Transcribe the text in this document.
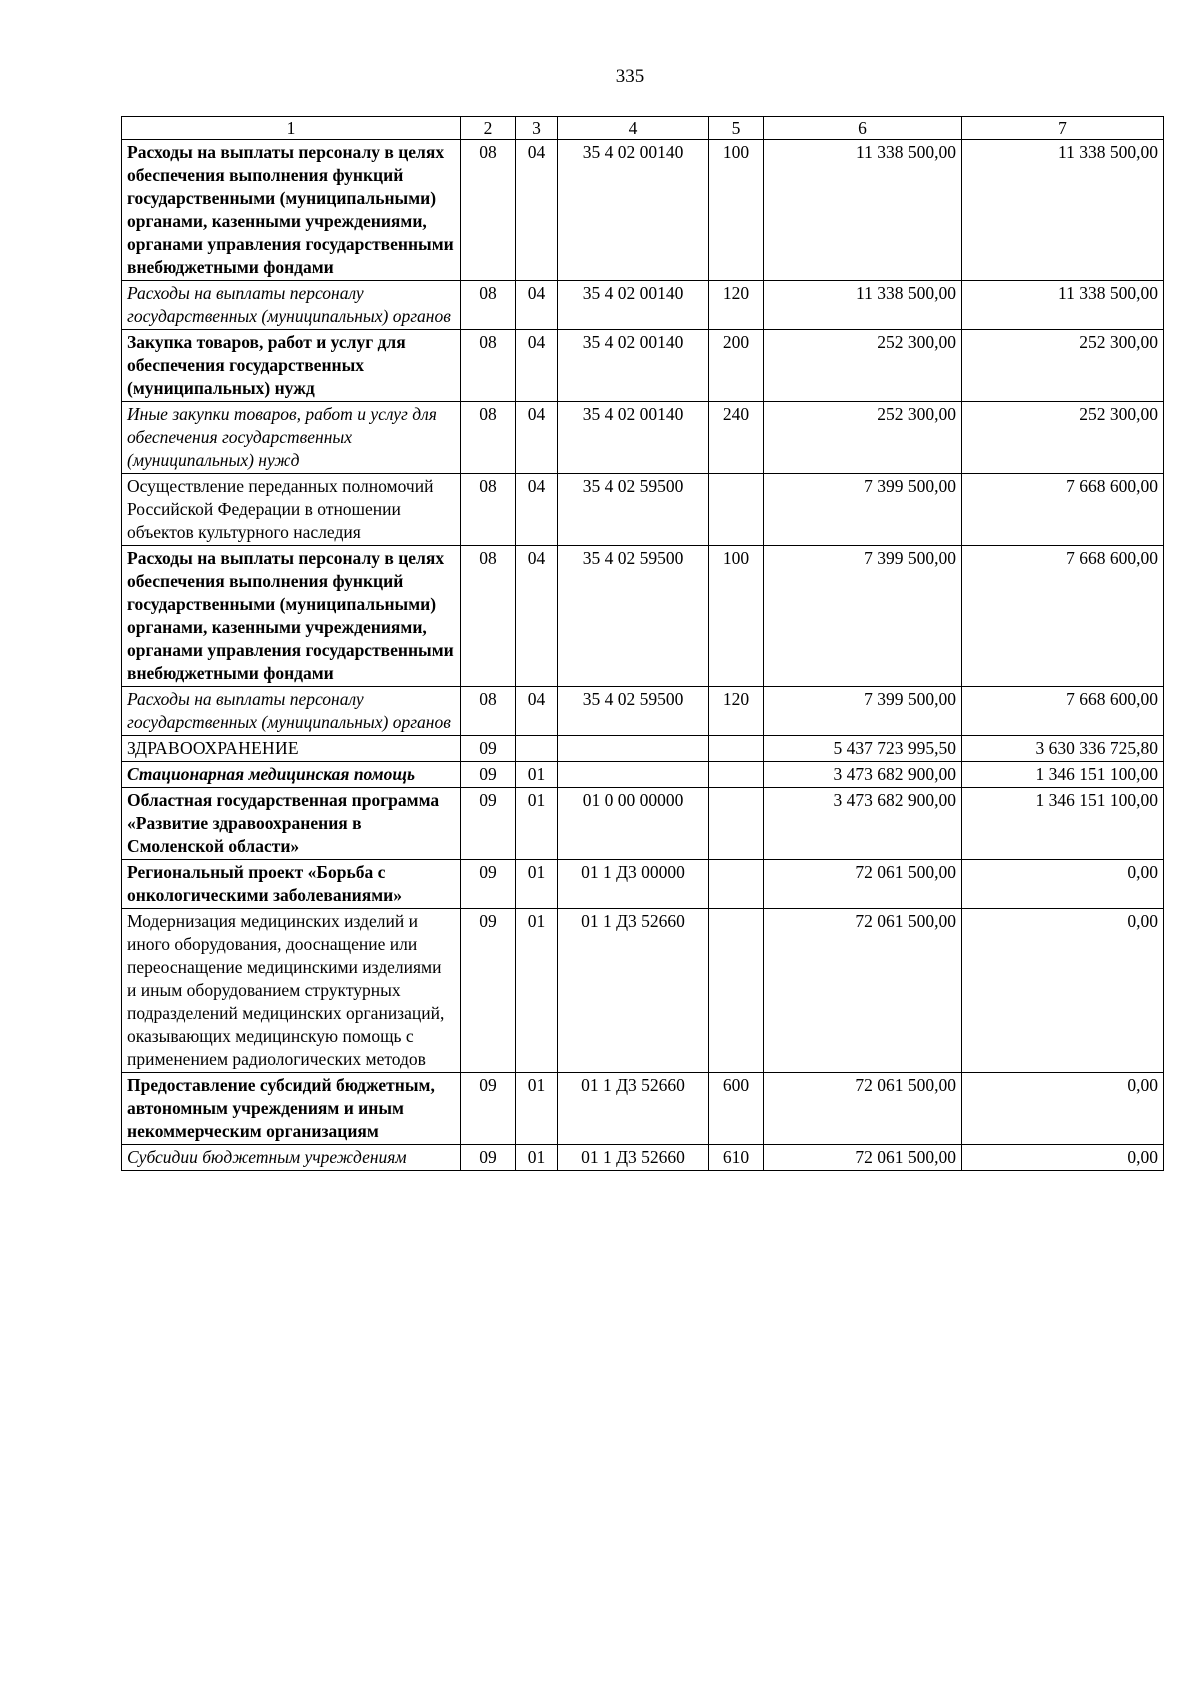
335
1	2	3	4	5	6	7
Расходы на выплаты персоналу в целях обеспечения выполнения функций государственными (муниципальными) органами, казенными учреждениями, органами управления государственными внебюджетными фондами	08	04	35 4 02 00140	100	11 338 500,00	11 338 500,00
Расходы на выплаты персоналу государственных (муниципальных) органов	08	04	35 4 02 00140	120	11 338 500,00	11 338 500,00
Закупка товаров, работ и услуг для обеспечения государственных (муниципальных) нужд	08	04	35 4 02 00140	200	252 300,00	252 300,00
Иные закупки товаров, работ и услуг для обеспечения государственных (муниципальных) нужд	08	04	35 4 02 00140	240	252 300,00	252 300,00
Осуществление переданных полномочий Российской Федерации в отношении объектов культурного наследия	08	04	35 4 02 59500		7 399 500,00	7 668 600,00
Расходы на выплаты персоналу в целях обеспечения выполнения функций государственными (муниципальными) органами, казенными учреждениями, органами управления государственными внебюджетными фондами	08	04	35 4 02 59500	100	7 399 500,00	7 668 600,00
Расходы на выплаты персоналу государственных (муниципальных) органов	08	04	35 4 02 59500	120	7 399 500,00	7 668 600,00
ЗДРАВООХРАНЕНИЕ	09				5 437 723 995,50	3 630 336 725,80
Стационарная медицинская помощь	09	01			3 473 682 900,00	1 346 151 100,00
Областная государственная программа «Развитие здравоохранения в Смоленской области»	09	01	01 0 00 00000		3 473 682 900,00	1 346 151 100,00
Региональный проект «Борьба с онкологическими заболеваниями»	09	01	01 1 Д3 00000		72 061 500,00	0,00
Модернизация медицинских изделий и иного оборудования, дооснащение или переоснащение медицинскими изделиями и иным оборудованием структурных подразделений медицинских организаций, оказывающих медицинскую помощь с применением радиологических методов	09	01	01 1 Д3 52660		72 061 500,00	0,00
Предоставление субсидий бюджетным, автономным учреждениям и иным некоммерческим организациям	09	01	01 1 Д3 52660	600	72 061 500,00	0,00
Субсидии бюджетным учреждениям	09	01	01 1 Д3 52660	610	72 061 500,00	0,00
